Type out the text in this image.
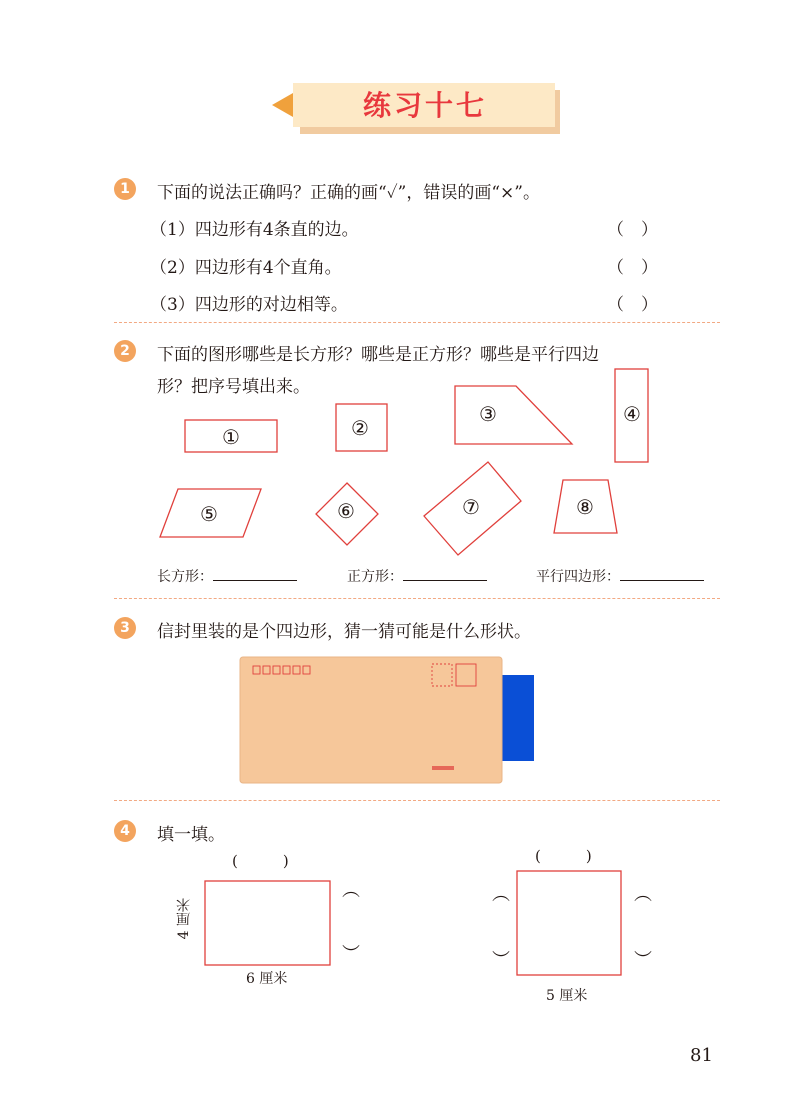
练习十七
1	下面的说法正确吗？正确的画“✓”，错误的画“×”。
（1）四边形有4条直的边。	（　）
（2）四边形有4个直角。	（　）
（3）四边形的对边相等。	（　）
2	下面的图形哪些是长方形？哪些是正方形？哪些是平行四边
形？把序号填出来。
①	②
③	④
⑤	⑥	⑦	⑧
长方形：	正方形：	平行四边形：
3	信封里装的是个四边形，猜一猜可能是什么形状。
4	填一填。
(　　　)
4 厘米
6 厘米
︵
︶
(　　　)
︵
︶
︵
︶
5 厘米
81
